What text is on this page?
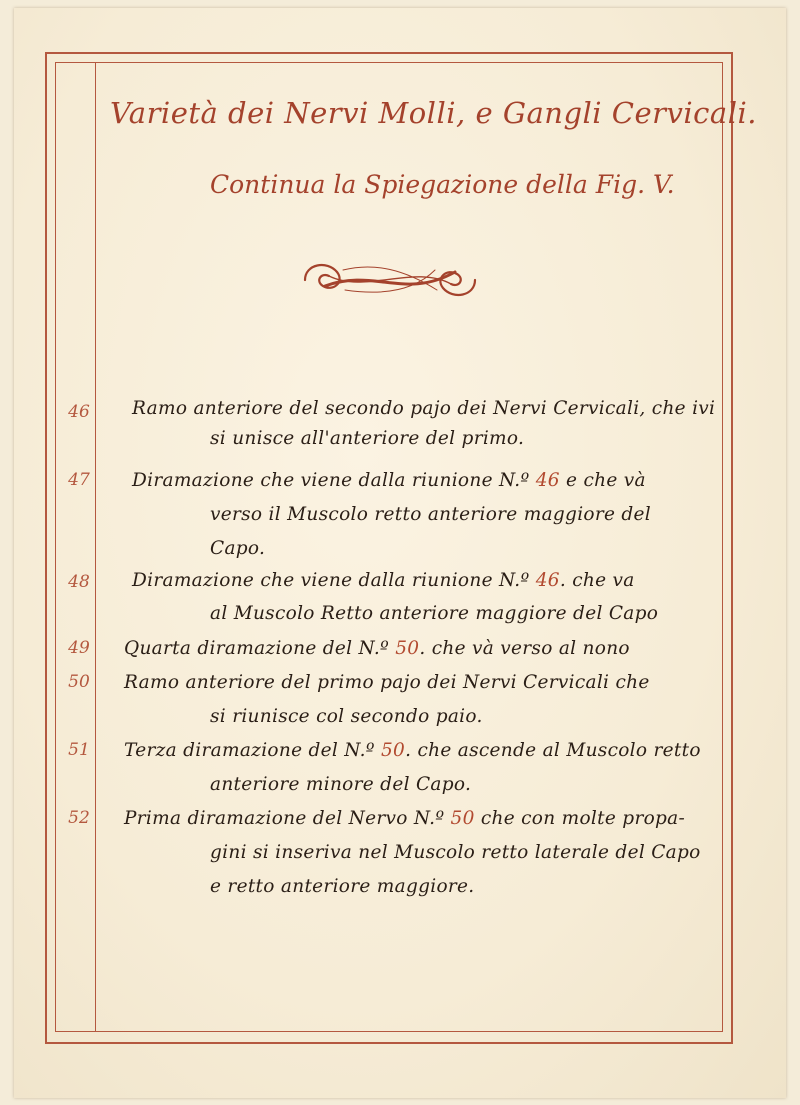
Varietà dei Nervi Molli, e Gangli Cervicali.
Continua la Spiegazione della Fig. V.
46 Ramo anteriore del secondo pajo dei Nervi Cervicali, che ivi
si unisce all'anteriore del primo.
47 Diramazione che viene dalla riunione N.º 46 e che và
verso il Muscolo retto anteriore maggiore del
Capo.
48 Diramazione che viene dalla riunione N.º 46. che va
al Muscolo Retto anteriore maggiore del Capo
49 Quarta diramazione del N.º 50. che và verso al nono
50 Ramo anteriore del primo pajo dei Nervi Cervicali che
si riunisce col secondo paio.
51 Terza diramazione del N.º 50. che ascende al Muscolo retto
anteriore minore del Capo.
52 Prima diramazione del Nervo N.º 50 che con molte propa-
gini si inseriva nel Muscolo retto laterale del Capo
e retto anteriore maggiore.
